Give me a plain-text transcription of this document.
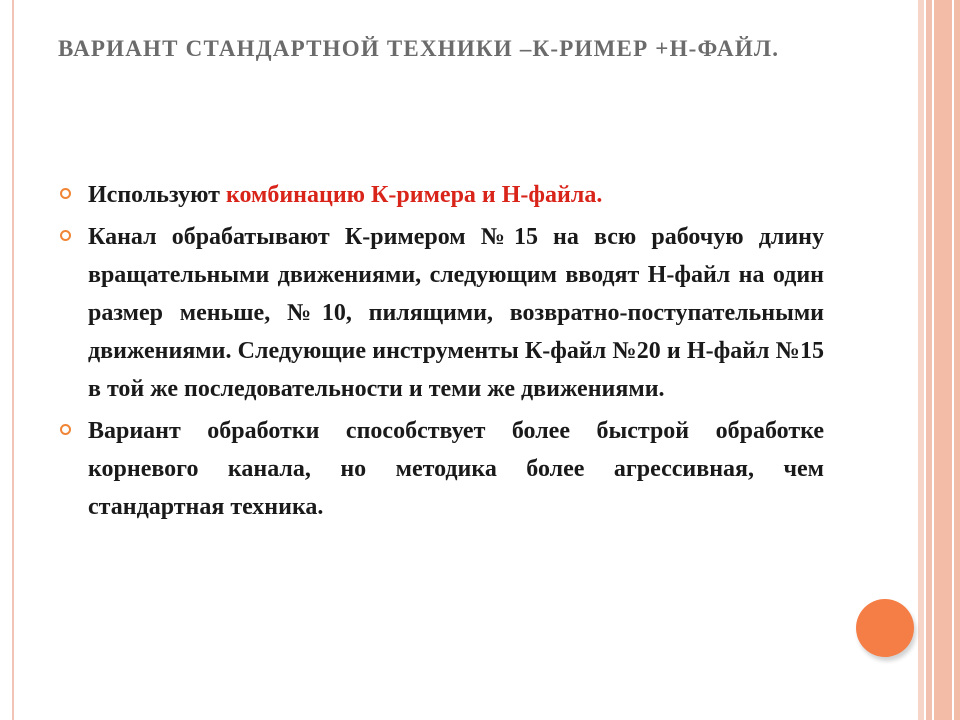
ВАРИАНТ СТАНДАРТНОЙ ТЕХНИКИ –К-РИМЕР +Н-ФАЙЛ.
Используют комбинацию К-римера и Н-файла.
Канал обрабатывают К-римером №15 на всю рабочую длину вращательными движениями, следующим вводят Н-файл на один размер меньше, №10, пилящими, возвратно-поступательными движениями. Следующие инструменты К-файл №20 и Н-файл №15 в той же последовательности и теми же движениями.
Вариант обработки способствует более быстрой обработке корневого канала, но методика более агрессивная, чем стандартная техника.
